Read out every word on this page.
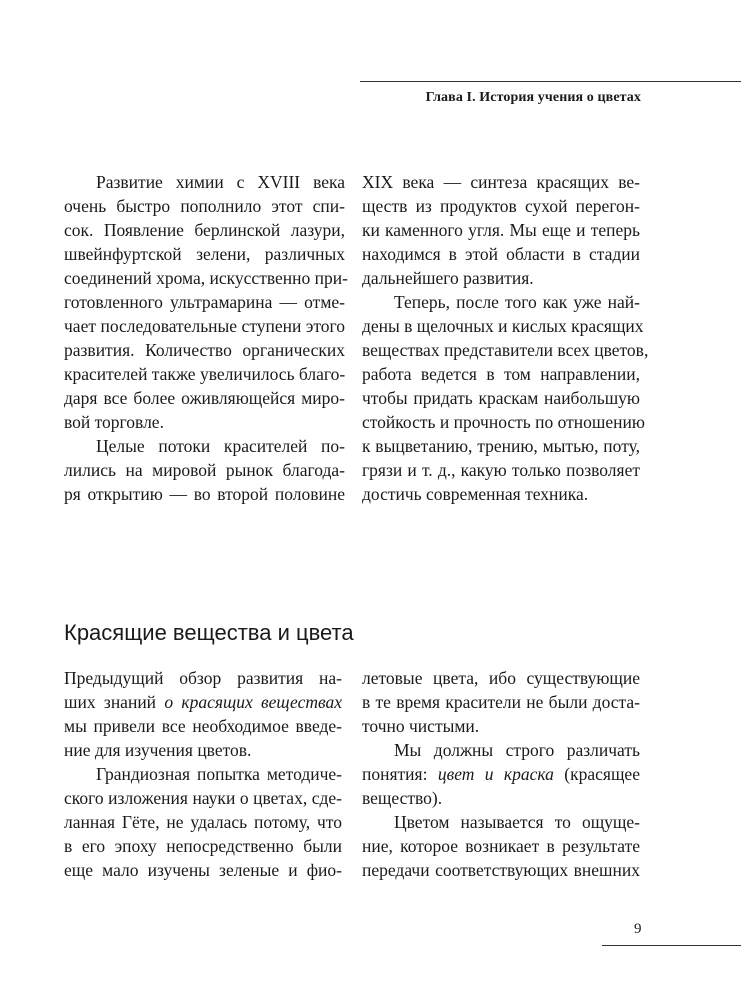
Глава I. История учения о цветах
Развитие химии с XVIII века
очень быстро пополнило этот спи-
сок. Появление берлинской лазури,
швейнфуртской зелени, различных
соединений хрома, искусственно при-
готовленного ультрамарина — отме-
чает последовательные ступени этого
развития. Количество органических
красителей также увеличилось благо-
даря все более оживляющейся миро-
вой торговле.
Целые потоки красителей по-
лились на мировой рынок благода-
ря открытию — во второй половине
XIX века — синтеза красящих ве-
ществ из продуктов сухой перегон-
ки каменного угля. Мы еще и теперь
находимся в этой области в стадии
дальнейшего развития.
Теперь, после того как уже най-
дены в щелочных и кислых красящих
веществах представители всех цветов,
работа ведется в том направлении,
чтобы придать краскам наибольшую
стойкость и прочность по отношению
к выцветанию, трению, мытью, поту,
грязи и т. д., какую только позволяет
достичь современная техника.
Красящие вещества и цвета
Предыдущий обзор развития на-
ших знаний о красящих веществах
мы привели все необходимое введе-
ние для изучения цветов.
Грандиозная попытка методиче-
ского изложения науки о цветах, сде-
ланная Гёте, не удалась потому, что
в его эпоху непосредственно были
еще мало изучены зеленые и фио-
летовые цвета, ибо существующие
в те время красители не были доста-
точно чистыми.
Мы должны строго различать
понятия: цвет и краска (красящее
вещество).
Цветом называется то ощуще-
ние, которое возникает в результате
передачи соответствующих внешних
9
